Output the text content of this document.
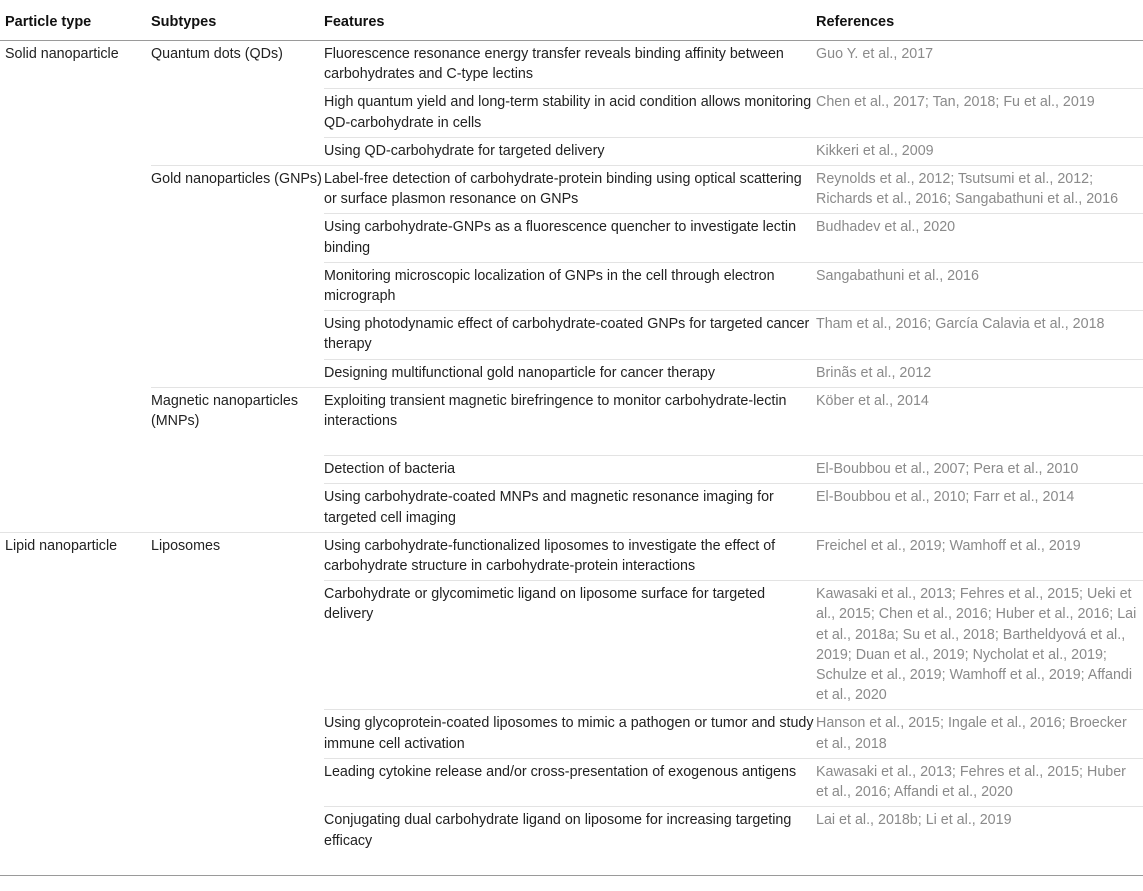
Particle type	Subtypes	Features	References
Solid nanoparticle	Quantum dots (QDs)	Fluorescence resonance energy transfer reveals binding affinity between carbohydrates and C-type lectins	Guo Y. et al., 2017
		High quantum yield and long-term stability in acid condition allows monitoring QD-carbohydrate in cells	Chen et al., 2017; Tan, 2018; Fu et al., 2019
		Using QD-carbohydrate for targeted delivery	Kikkeri et al., 2009
	Gold nanoparticles (GNPs)	Label-free detection of carbohydrate-protein binding using optical scattering or surface plasmon resonance on GNPs	Reynolds et al., 2012; Tsutsumi et al., 2012; Richards et al., 2016; Sangabathuni et al., 2016
		Using carbohydrate-GNPs as a fluorescence quencher to investigate lectin binding	Budhadev et al., 2020
		Monitoring microscopic localization of GNPs in the cell through electron micrograph	Sangabathuni et al., 2016
		Using photodynamic effect of carbohydrate-coated GNPs for targeted cancer therapy	Tham et al., 2016; García Calavia et al., 2018
		Designing multifunctional gold nanoparticle for cancer therapy	Brinãs et al., 2012
	Magnetic nanoparticles (MNPs)	Exploiting transient magnetic birefringence to monitor carbohydrate-lectin interactions	Köber et al., 2014
		Detection of bacteria	El-Boubbou et al., 2007; Pera et al., 2010
		Using carbohydrate-coated MNPs and magnetic resonance imaging for targeted cell imaging	El-Boubbou et al., 2010; Farr et al., 2014
Lipid nanoparticle	Liposomes	Using carbohydrate-functionalized liposomes to investigate the effect of carbohydrate structure in carbohydrate-protein interactions	Freichel et al., 2019; Wamhoff et al., 2019
		Carbohydrate or glycomimetic ligand on liposome surface for targeted delivery	Kawasaki et al., 2013; Fehres et al., 2015; Ueki et al., 2015; Chen et al., 2016; Huber et al., 2016; Lai et al., 2018a; Su et al., 2018; Bartheldyová et al., 2019; Duan et al., 2019; Nycholat et al., 2019; Schulze et al., 2019; Wamhoff et al., 2019; Affandi et al., 2020
		Using glycoprotein-coated liposomes to mimic a pathogen or tumor and study immune cell activation	Hanson et al., 2015; Ingale et al., 2016; Broecker et al., 2018
		Leading cytokine release and/or cross-presentation of exogenous antigens	Kawasaki et al., 2013; Fehres et al., 2015; Huber et al., 2016; Affandi et al., 2020
		Conjugating dual carbohydrate ligand on liposome for increasing targeting efficacy	Lai et al., 2018b; Li et al., 2019
